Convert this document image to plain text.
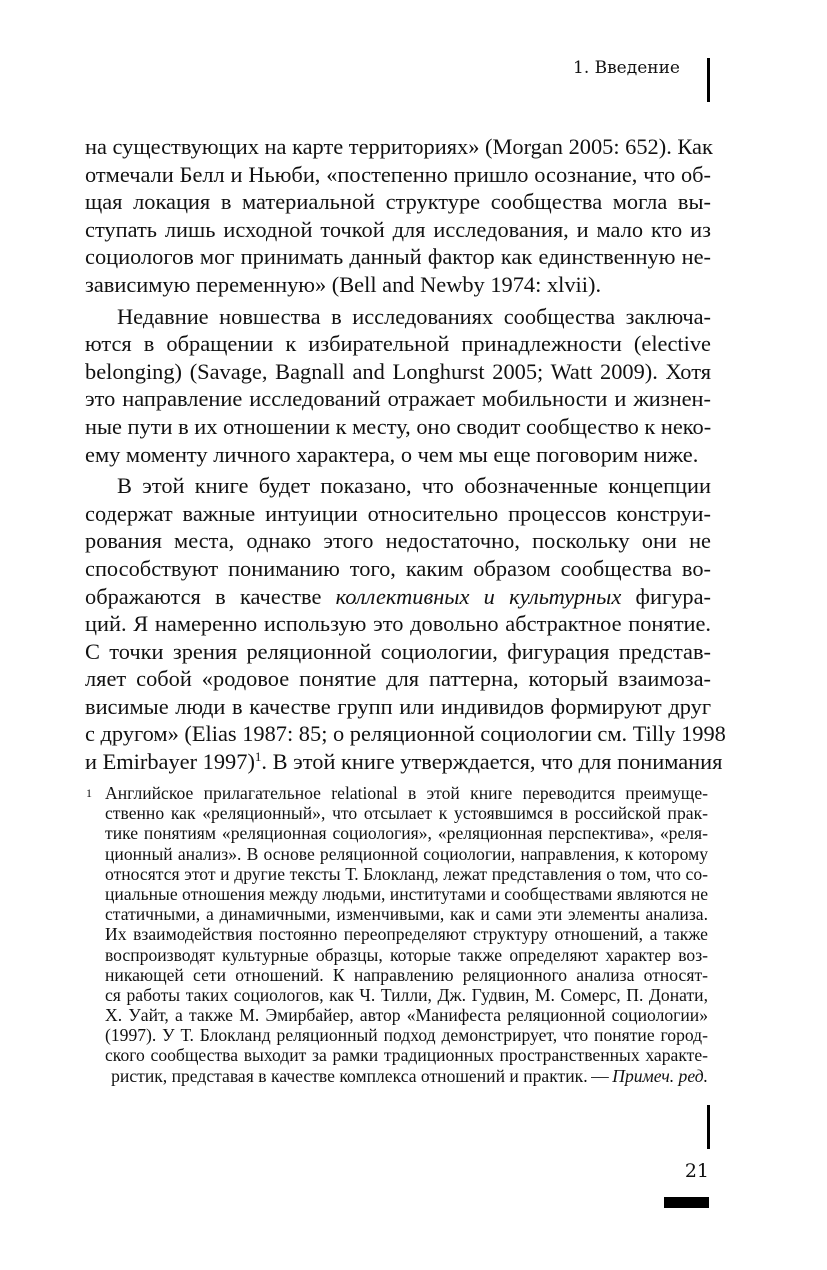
1. Введение
на существующих на карте территориях» (Morgan 2005: 652). Как
отмечали Белл и Ньюби, «постепенно пришло осознание, что об-
щая локация в материальной структуре сообщества могла вы-
ступать лишь исходной точкой для исследования, и мало кто из
социологов мог принимать данный фактор как единственную не-
зависимую переменную» (Bell and Newby 1974: xlvii).
Недавние новшества в исследованиях сообщества заключа-
ются в обращении к избирательной принадлежности (elective
belonging) (Savage, Bagnall and Longhurst 2005; Watt 2009). Хотя
это направление исследований отражает мобильности и жизнен-
ные пути в их отношении к месту, оно сводит сообщество к неко-
ему моменту личного характера, о чем мы еще поговорим ниже.
В этой книге будет показано, что обозначенные концепции
содержат важные интуиции относительно процессов конструи-
рования места, однако этого недостаточно, поскольку они не
способствуют пониманию того, каким образом сообщества во-
ображаются в качестве коллективных и культурных фигура-
ций. Я намеренно использую это довольно абстрактное понятие.
С точки зрения реляционной социологии, фигурация представ-
ляет собой «родовое понятие для паттерна, который взаимоза-
висимые люди в качестве групп или индивидов формируют друг
с другом» (Elias 1987: 85; о реляционной социологии см. Tilly 1998
и Emirbayer 1997)$^1$. В этой книге утверждается, что для понимания
1 Английское прилагательное relational в этой книге переводится преимуще-
ственно как «реляционный», что отсылает к устоявшимся в российской прак-
тике понятиям «реляционная социология», «реляционная перспектива», «реля-
ционный анализ». В основе реляционной социологии, направления, к которому
относятся этот и другие тексты Т. Блокланд, лежат представления о том, что со-
циальные отношения между людьми, институтами и сообществами являются не
статичными, а динамичными, изменчивыми, как и сами эти элементы анализа.
Их взаимодействия постоянно переопределяют структуру отношений, а также
воспроизводят культурные образцы, которые также определяют характер воз-
никающей сети отношений. К направлению реляционного анализа относят-
ся работы таких социологов, как Ч. Тилли, Дж. Гудвин, М. Сомерс, П. Донати,
Х. Уайт, а также М. Эмирбайер, автор «Манифеста реляционной социологии»
(1997). У Т. Блокланд реляционный подход демонстрирует, что понятие город-
ского сообщества выходит за рамки традиционных пространственных характе-
ристик, представая в качестве комплекса отношений и практик. — Примеч. ред.
21
